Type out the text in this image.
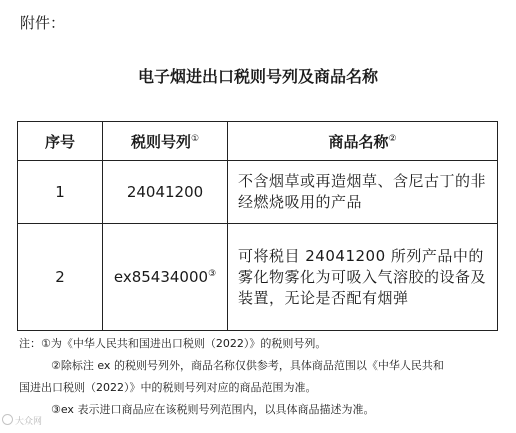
附件：
电子烟进出口税则号列及商品名称
序号	税则号列①	商品名称②
1	24041200	不含烟草或再造烟草、含尼古丁的非经燃烧吸用的产品
2	ex85434000③	可将税目 24041200 所列产品中的雾化物雾化为可吸入气溶胶的设备及装置，无论是否配有烟弹
注：①为《中华人民共和国进出口税则（2022）》的税则号列。
②除标注 ex 的税则号列外，商品名称仅供参考，具体商品范围以《中华人民共和
国进出口税则（2022）》中的税则号列对应的商品范围为准。
③ex 表示进口商品应在该税则号列范围内，以具体商品描述为准。
大众网
